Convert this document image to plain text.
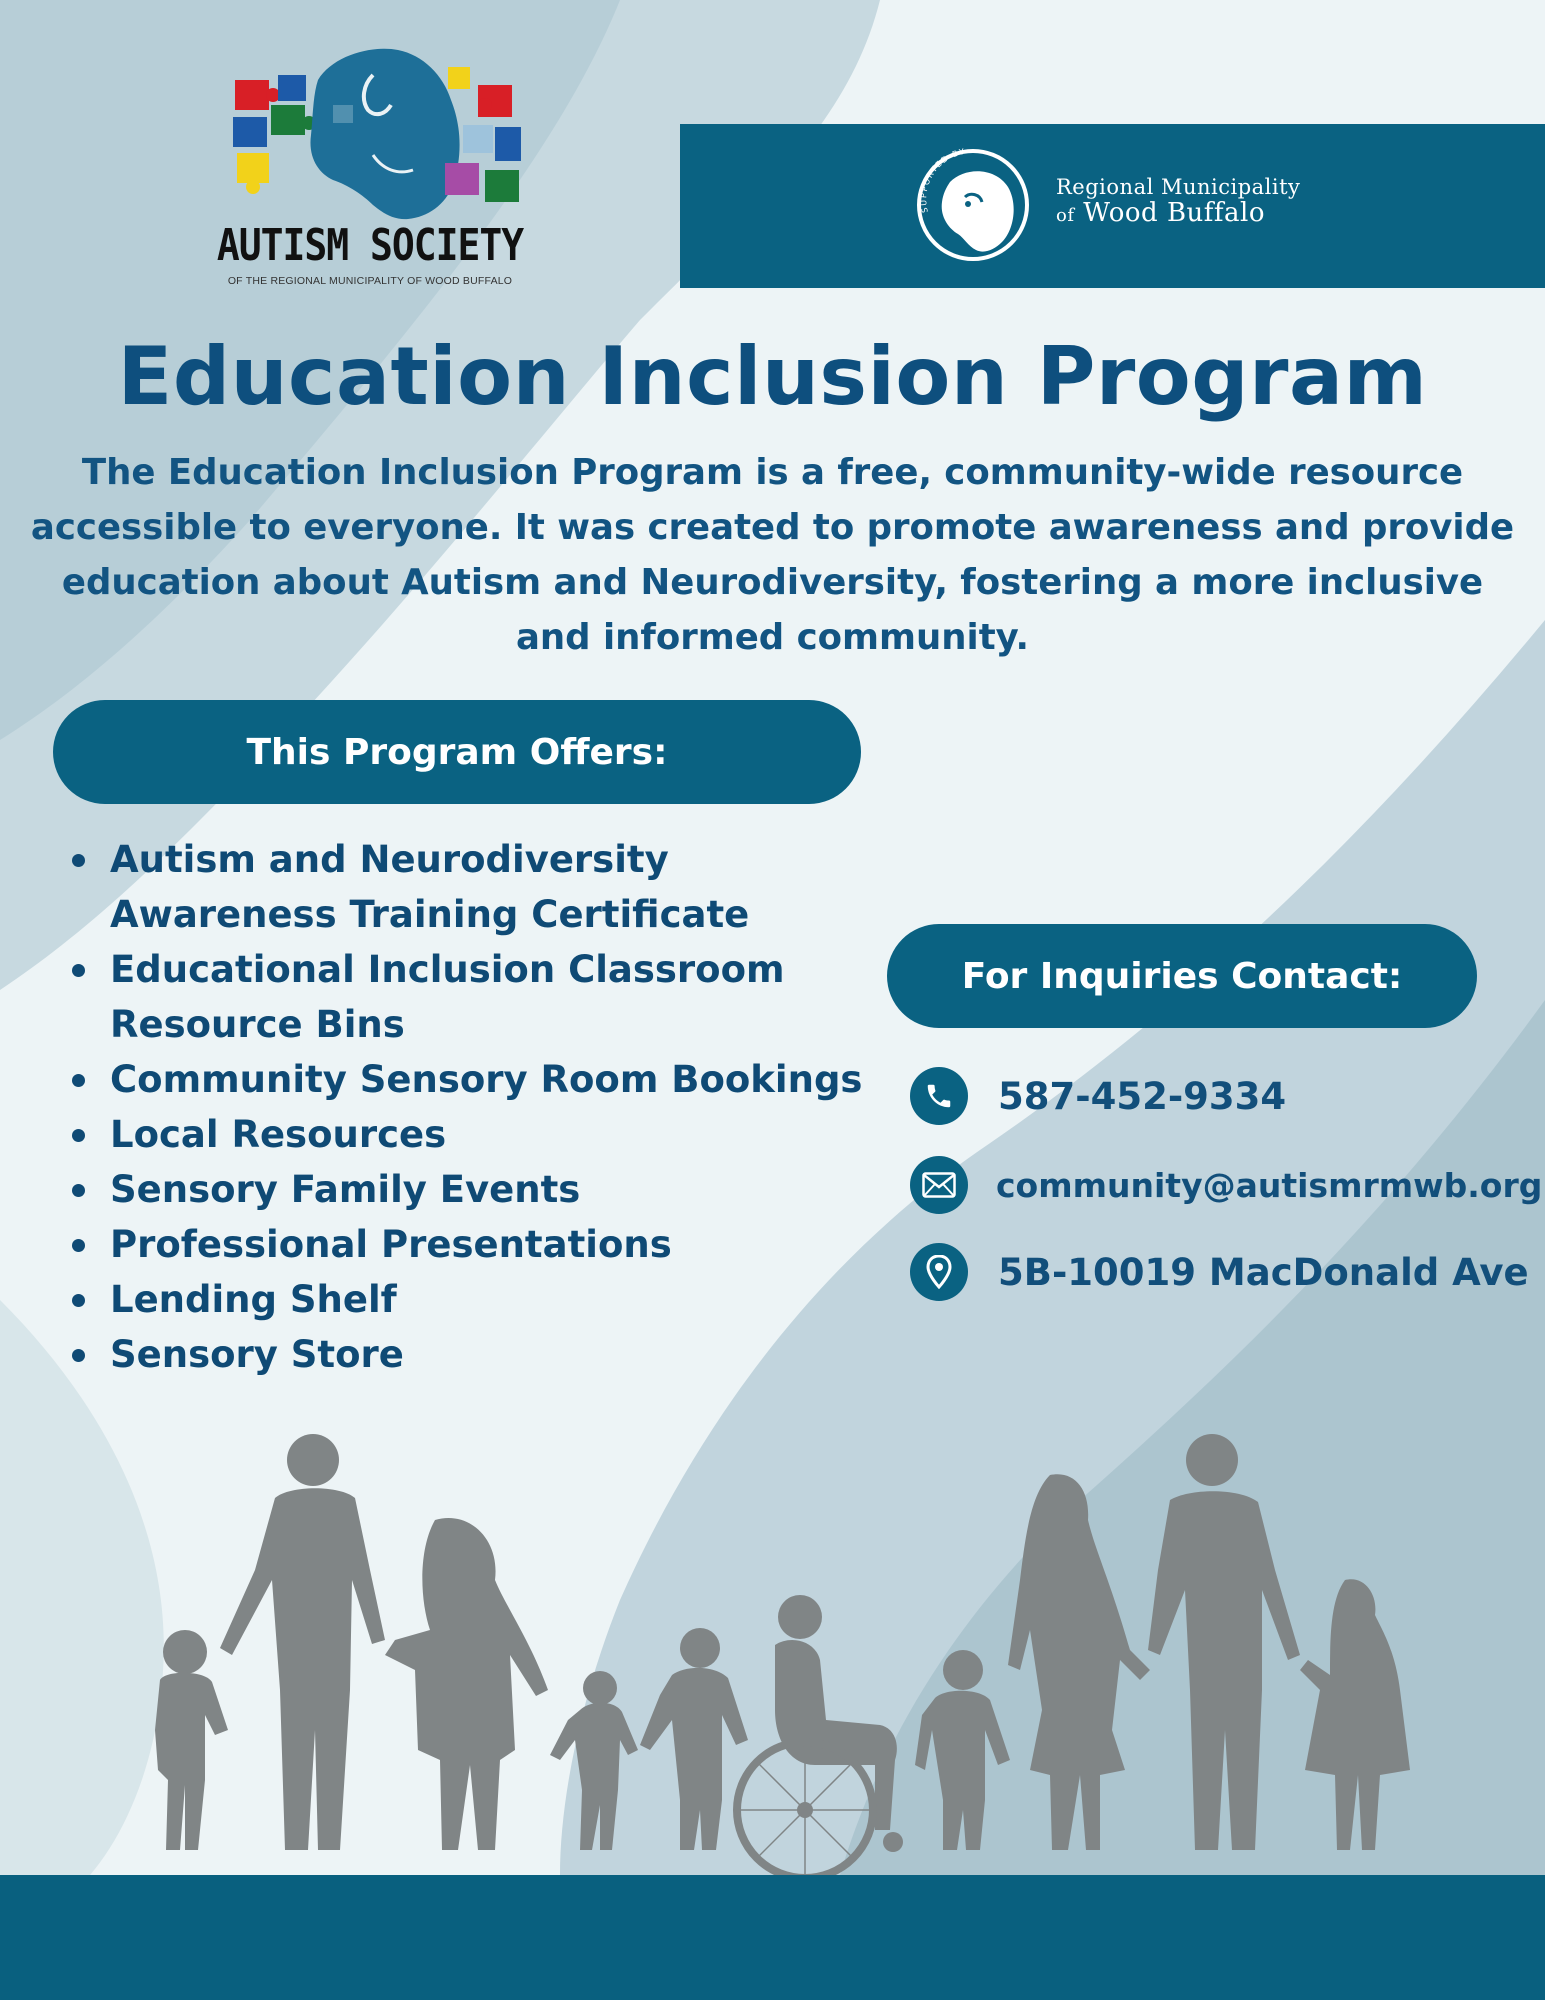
AUTISM SOCIETY
OF THE REGIONAL MUNICIPALITY OF WOOD BUFFALO
SUPPORTED BY
Regional Municipality
of Wood Buffalo
Education Inclusion Program
The Education Inclusion Program is a free, community-wide resource accessible to everyone. It was created to promote awareness and provide education about Autism and Neurodiversity, fostering a more inclusive and informed community.
This Program Offers:
Autism and Neurodiversity Awareness Training Certificate
Educational Inclusion Classroom Resource Bins
Community Sensory Room Bookings
Local Resources
Sensory Family Events
Professional Presentations
Lending Shelf
Sensory Store
For Inquiries Contact:
587-452-9334
community@autismrmwb.org
5B-10019 MacDonald Ave
